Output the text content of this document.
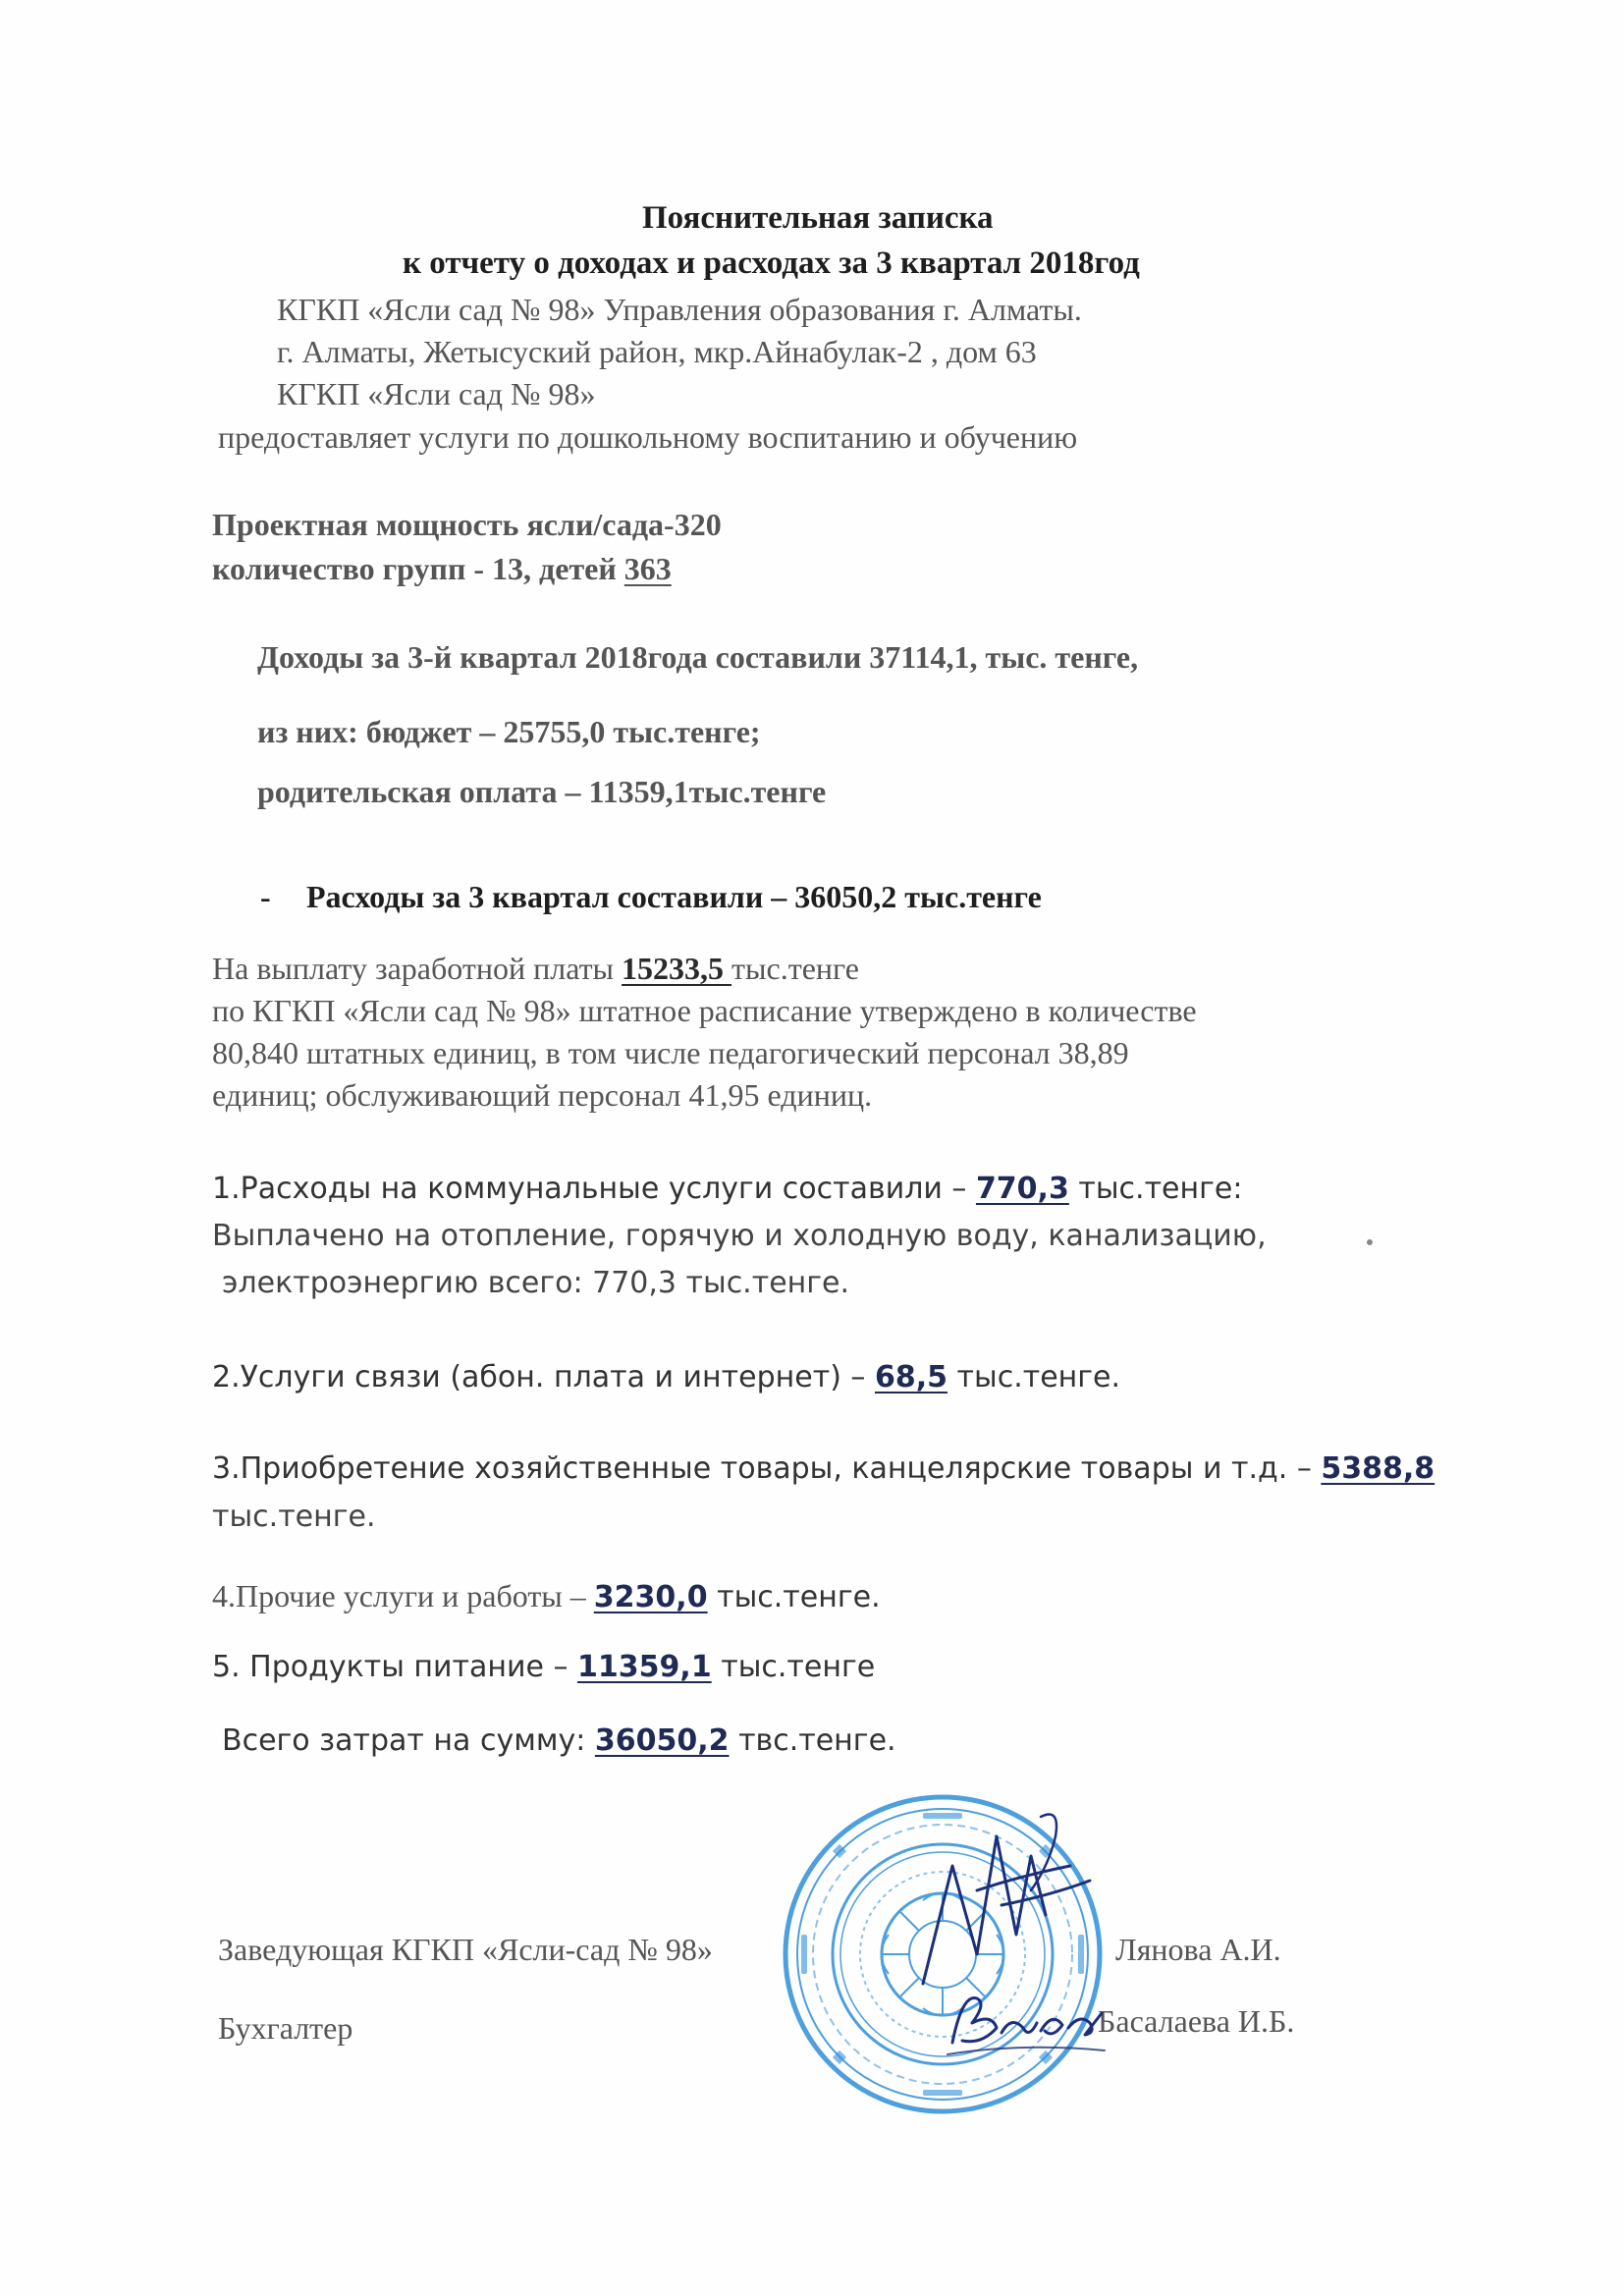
Пояснительная записка
к отчету о доходах и расходах за 3 квартал 2018год
КГКП «Ясли сад № 98» Управления образования г. Алматы.
г. Алматы, Жетысуский район, мкр.Айнабулак-2 , дом 63
КГКП «Ясли сад № 98»
предоставляет услуги по дошкольному воспитанию и обучению
Проектная мощность ясли/сада-320
количество групп - 13, детей 363
Доходы за 3-й квартал 2018года составили 37114,1, тыс. тенге,
из них: бюджет – 25755,0 тыс.тенге;
родительская оплата – 11359,1тыс.тенге
- Расходы за 3 квартал составили – 36050,2 тыс.тенге
На выплату заработной платы 15233,5 тыс.тенге
по КГКП «Ясли сад № 98» штатное расписание утверждено в количестве
80,840 штатных единиц, в том числе педагогический персонал 38,89
единиц; обслуживающий персонал 41,95 единиц.
1.Расходы на коммунальные услуги составили – 770,3 тыс.тенге:
Выплачено на отопление, горячую и холодную воду, канализацию,
электроэнергию всего: 770,3 тыс.тенге.
2.Услуги связи (абон. плата и интернет) – 68,5 тыс.тенге.
3.Приобретение хозяйственные товары, канцелярские товары и т.д. – 5388,8
тыс.тенге.
4.Прочие услуги и работы – 3230,0 тыс.тенге.
5. Продукты питание – 11359,1 тыс.тенге
Всего затрат на сумму: 36050,2 твс.тенге.
Заведующая КГКП «Ясли-сад № 98»	Лянова А.И.
Бухгалтер	Басалаева И.Б.
